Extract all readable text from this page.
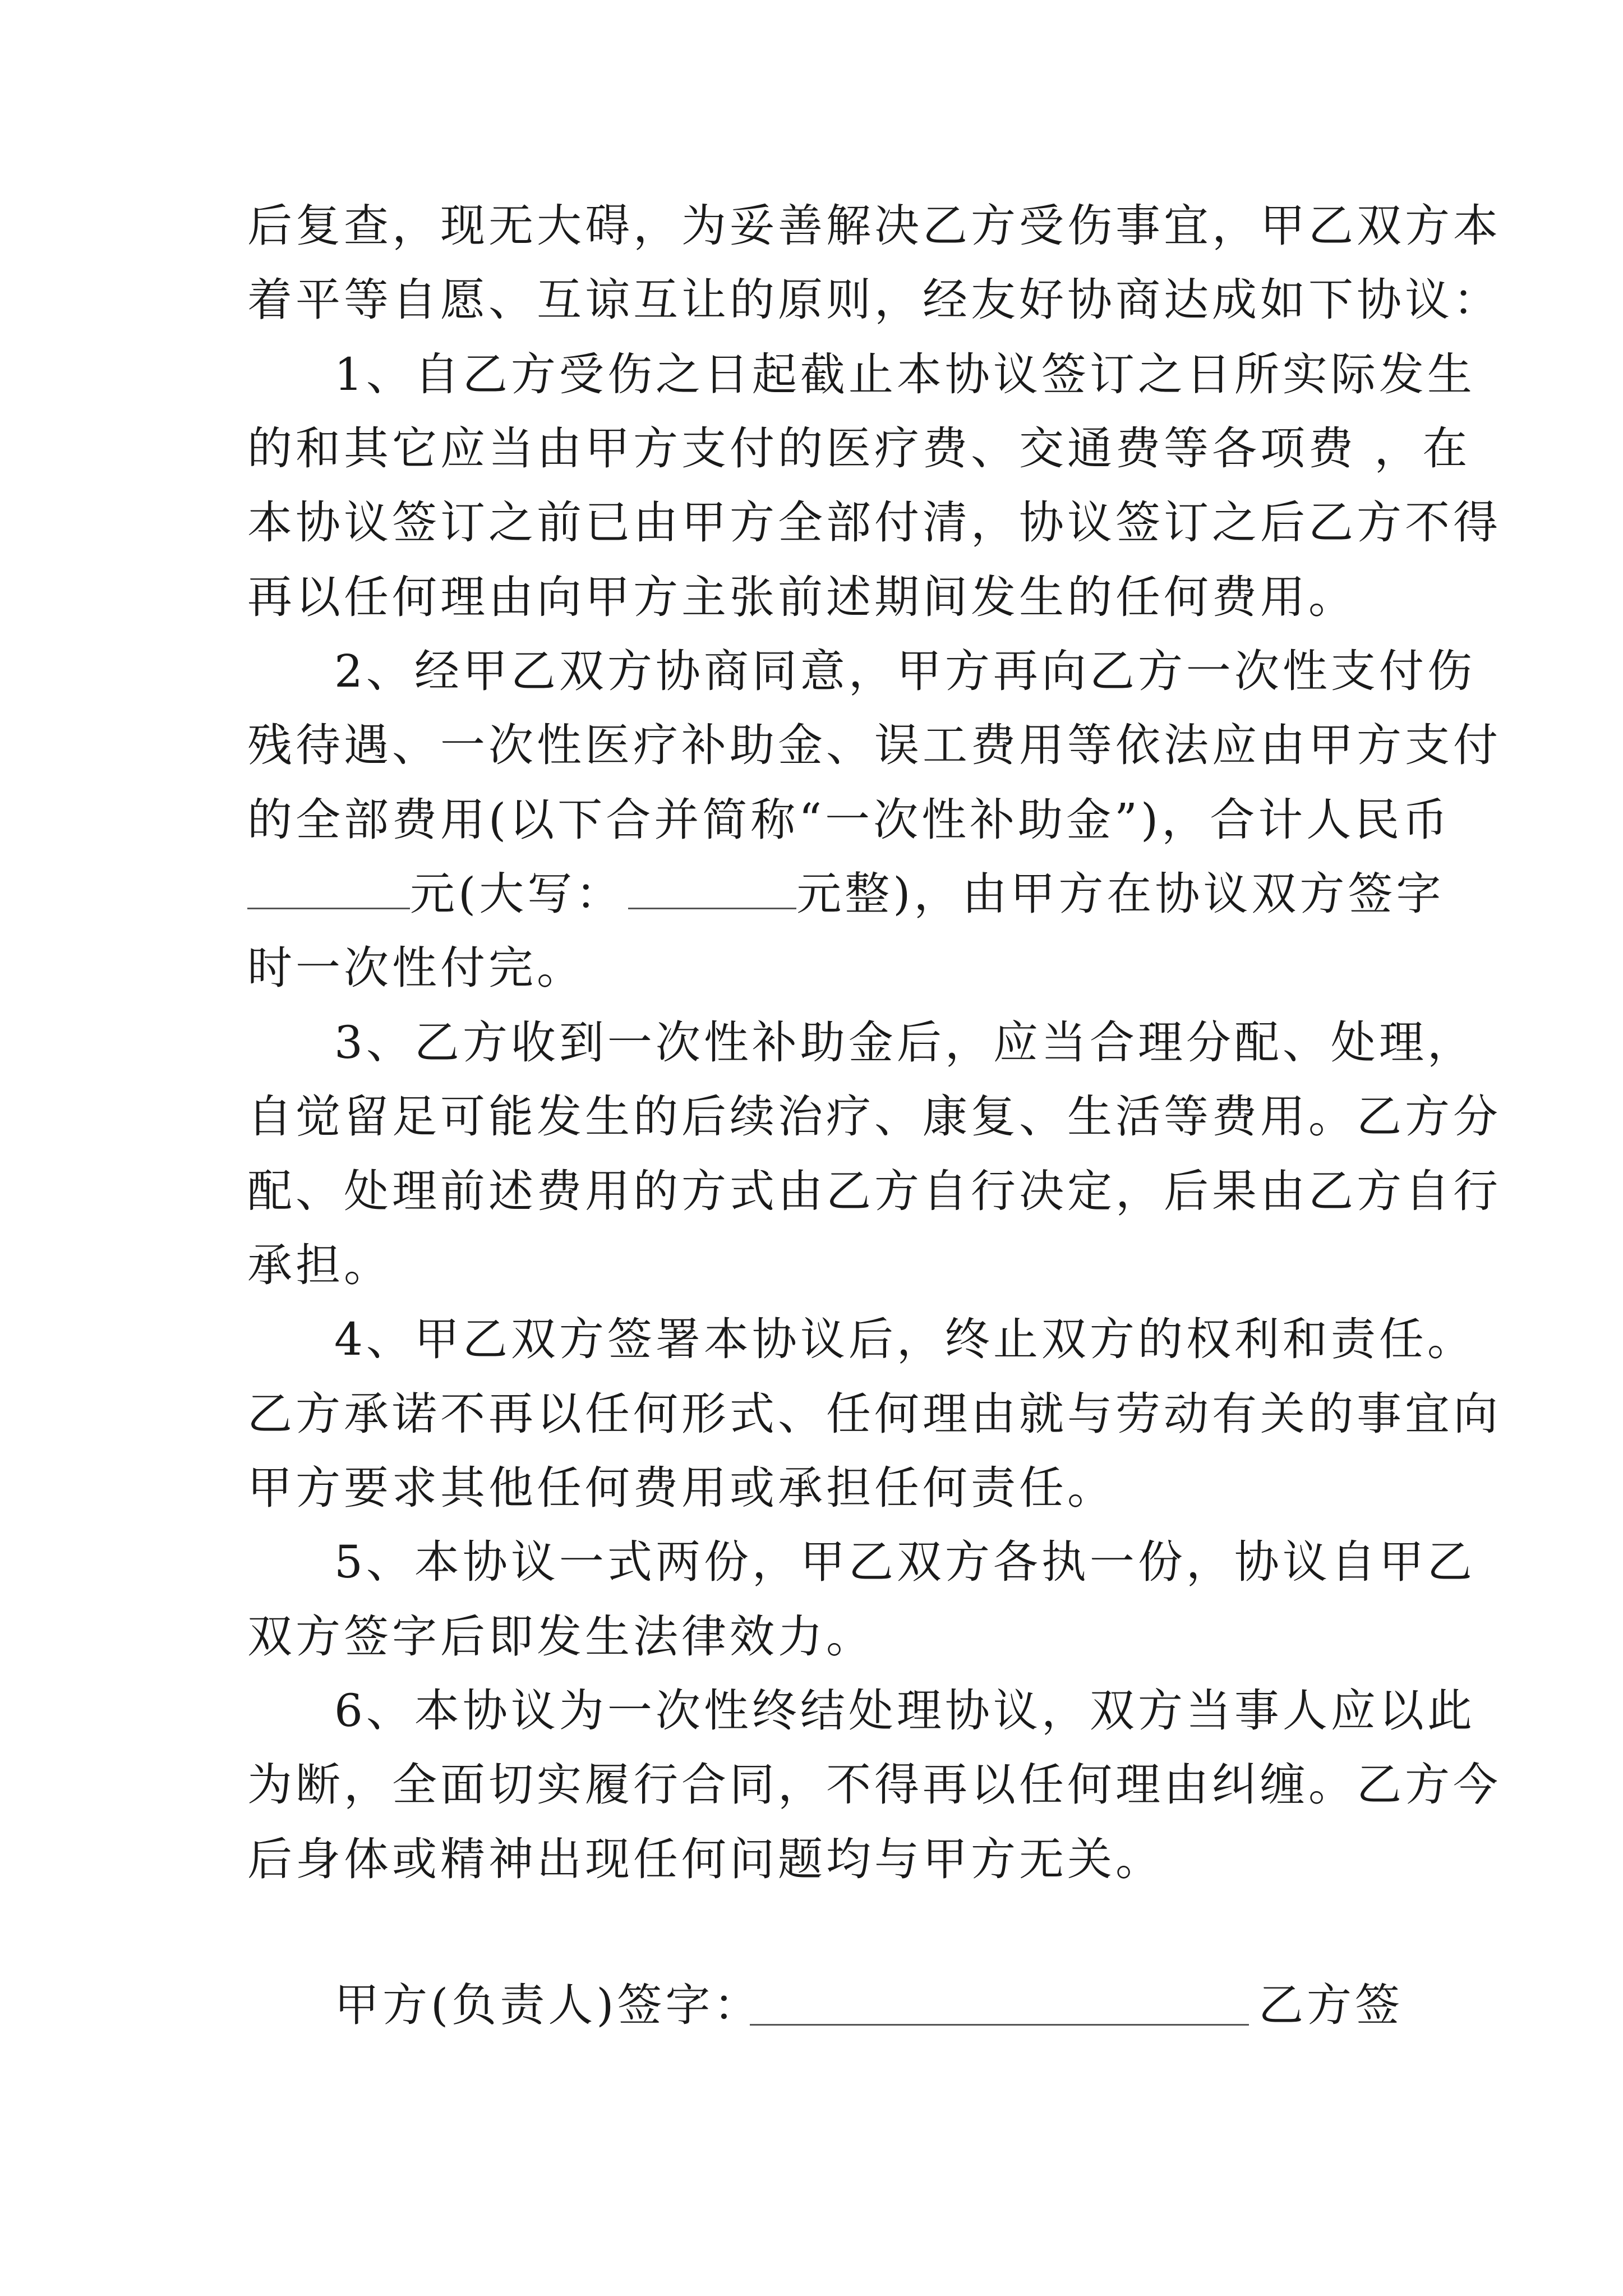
后复查，现无大碍，为妥善解决乙方受伤事宜，甲乙双方本
着平等自愿、互谅互让的原则，经友好协商达成如下协议：
1、自乙方受伤之日起截止本协议签订之日所实际发生
的和其它应当由甲方支付的医疗费、交通费等各项费 ，在
本协议签订之前已由甲方全部付清，协议签订之后乙方不得
再以任何理由向甲方主张前述期间发生的任何费用。
2、经甲乙双方协商同意，甲方再向乙方一次性支付伤
残待遇、一次性医疗补助金、误工费用等依法应由甲方支付
的全部费用(以下合并简称“一次性补助金”)，合计人民币
元(大写：	元整)，由甲方在协议双方签字
时一次性付完。
3、乙方收到一次性补助金后，应当合理分配、处理，
自觉留足可能发生的后续治疗、康复、生活等费用。乙方分
配、处理前述费用的方式由乙方自行决定，后果由乙方自行
承担。
4、甲乙双方签署本协议后，终止双方的权利和责任。
乙方承诺不再以任何形式、任何理由就与劳动有关的事宜向
甲方要求其他任何费用或承担任何责任。
5、本协议一式两份，甲乙双方各执一份，协议自甲乙
双方签字后即发生法律效力。
6、本协议为一次性终结处理协议，双方当事人应以此
为断，全面切实履行合同，不得再以任何理由纠缠。乙方今
后身体或精神出现任何问题均与甲方无关。
甲方(负责人)签字：	乙方签
